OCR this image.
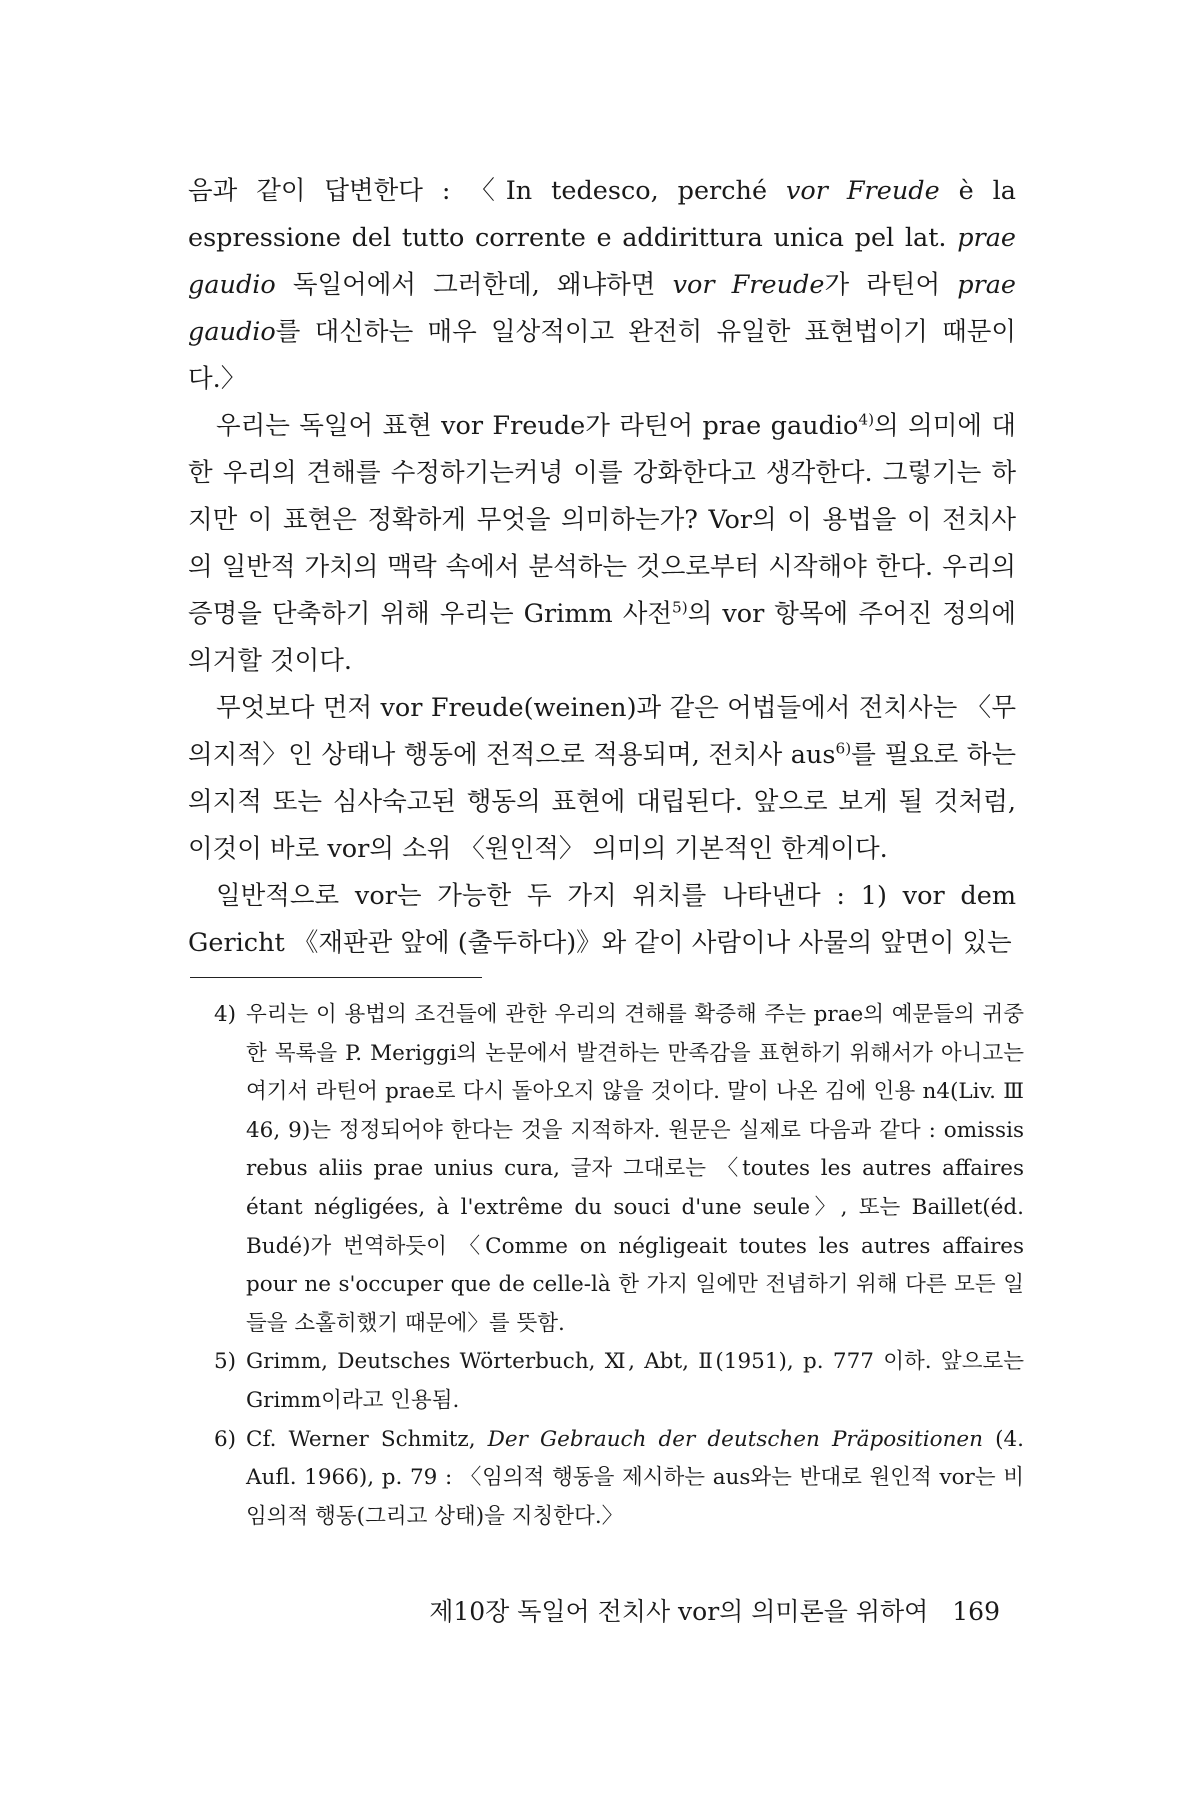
음과 같이 답변한다 : 〈In tedesco, perché vor Freude è la espressione del tutto corrente e addirittura unica pel lat. prae gaudio 독일어에서 그러한데, 왜냐하면 vor Freude가 라틴어 prae gaudio를 대신하는 매우 일상적이고 완전히 유일한 표현법이기 때문이다.〉

우리는 독일어 표현 vor Freude가 라틴어 prae gaudio$^{4)}$의 의미에 대한 우리의 견해를 수정하기는커녕 이를 강화한다고 생각한다. 그렇기는 하지만 이 표현은 정확하게 무엇을 의미하는가? Vor의 이 용법을 이 전치사의 일반적 가치의 맥락 속에서 분석하는 것으로부터 시작해야 한다. 우리의 증명을 단축하기 위해 우리는 Grimm 사전$^{5)}$의 vor 항목에 주어진 정의에 의거할 것이다.

무엇보다 먼저 vor Freude(weinen)과 같은 어법들에서 전치사는 〈무의지적〉인 상태나 행동에 전적으로 적용되며, 전치사 aus$^{6)}$를 필요로 하는 의지적 또는 심사숙고된 행동의 표현에 대립된다. 앞으로 보게 될 것처럼, 이것이 바로 vor의 소위 〈원인적〉 의미의 기본적인 한계이다.

일반적으로 vor는 가능한 두 가지 위치를 나타낸다 : 1) vor dem Gericht 《재판관 앞에 (출두하다)》와 같이 사람이나 사물의 앞면이 있는

4) 우리는 이 용법의 조건들에 관한 우리의 견해를 확증해 주는 prae의 예문들의 귀중한 목록을 P. Meriggi의 논문에서 발견하는 만족감을 표현하기 위해서가 아니고는 여기서 라틴어 prae로 다시 돌아오지 않을 것이다. 말이 나온 김에 인용 n4(Liv. Ⅲ 46, 9)는 정정되어야 한다는 것을 지적하자. 원문은 실제로 다음과 같다 : omissis rebus aliis prae unius cura, 글자 그대로는 〈toutes les autres affaires étant négligées, à l'extrême du souci d'une seule〉, 또는 Baillet(éd. Budé)가 번역하듯이 〈Comme on négligeait toutes les autres affaires pour ne s'occuper que de celle-là 한 가지 일에만 전념하기 위해 다른 모든 일들을 소홀히했기 때문에〉를 뜻함.
5) Grimm, Deutsches Wörterbuch, Ⅺ, Abt, Ⅱ(1951), p. 777 이하. 앞으로는 Grimm이라고 인용됨.
6) Cf. Werner Schmitz, Der Gebrauch der deutschen Präpositionen (4. Aufl. 1966), p. 79 : 〈임의적 행동을 제시하는 aus와는 반대로 원인적 vor는 비임의적 행동(그리고 상태)을 지칭한다.〉
제10장 독일어 전치사 vor의 의미론을 위하여 169
